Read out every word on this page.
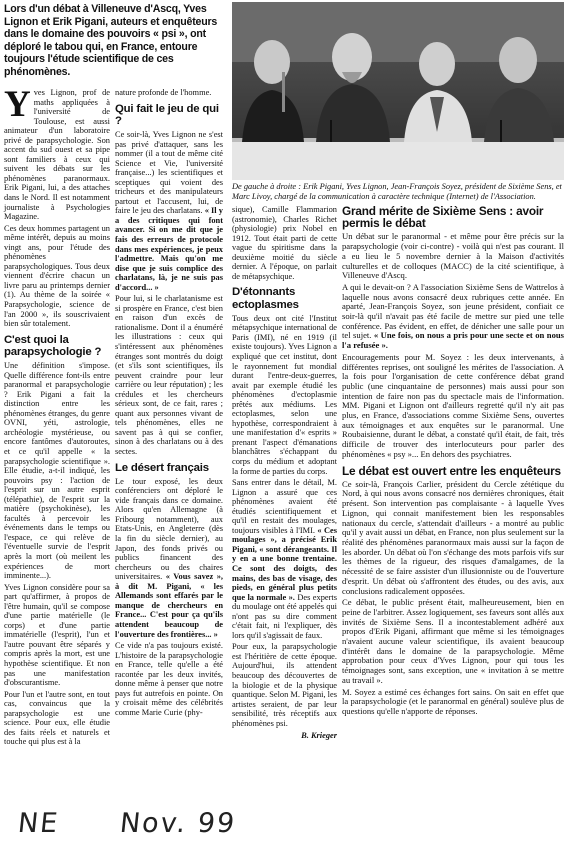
Lors d'un débat à Villeneuve d'Ascq, Yves Lignon et Erik Pigani, auteurs et enquêteurs dans le domaine des pouvoirs « psi », ont déploré le tabou qui, en France, entoure toujours l'étude scientifique de ces phénomènes.
De gauche à droite : Erik Pigani, Yves Lignon, Jean-François Soyez, président de Sixième Sens, et Marc Livoy, chargé de la communication à caractère technique (Internet) de l'Association.

Yves Lignon, prof de maths appliquées à l'université de Toulouse, est aussi animateur d'un laboratoire privé de parapsychologie. Son accent du sud ouest et sa pipe sont familiers à ceux qui suivent les débats sur les phénomènes paranormaux. Erik Pigani, lui, a des attaches dans le Nord. Il est notamment journaliste à Psychologies Magazine.

Ces deux hommes partagent un même intérêt, depuis au moins vingt ans, pour l'étude des phénomènes parapsychologiques. Tous deux viennent d'écrire chacun un livre paru au printemps dernier (1). Au thème de la soirée « Parapsychologie, science de l'an 2000 », ils souscrivaient bien sûr totalement.

C'est quoi la parapsychologie ?

Une définition s'impose. Quelle différence font-ils entre paranormal et parapsychologie ? Erik Pigani a fait la distinction entre les phénomènes étranges, du genre OVNI, yéti, astrologie, archéologie mystérieuse, ou encore fantômes d'autoroutes, et ce qu'il appelle « la parapsychologie scientifique ». Elle étudie, a-t-il indiqué, les pouvoirs psy : l'action de l'esprit sur un autre esprit (télépathie), de l'esprit sur la matière (psychokinèse), les facultés à percevoir les événements dans le temps ou l'espace, ce qui relève de l'éventuelle survie de l'esprit après la mort (où meilent les expériences de mort imminente...).

Yves Lignon considère pour sa part qu'affirmer, à propos de l'être humain, qu'il se compose d'une partie matérielle (le corps) et d'une partie immatérielle (l'esprit), l'un et l'autre pouvant être séparés y compris après la mort, est une hypothèse scientifique. Et non pas une manifestation d'obscurantisme.

Pour l'un et l'autre sont, en tout cas, convaincus que la parapsychologie est une science. Pour eux, elle étudie des faits réels et naturels et touche qui plus est à la

nature profonde de l'homme.

Qui fait le jeu de qui ?

Ce soir-là, Yves Lignon ne s'est pas privé d'attaquer, sans les nommer (il a tout de même cité Science et Vie, l'université française...) les scientifiques et sceptiques qui voient des tricheurs et des manipulateurs partout et l'accusent, lui, de faire le jeu des charlatans. « Il y a des critiques qui font avancer. Si on me dit que je fais des erreurs de protocole dans mes expériences, je peux l'admettre. Mais qu'on me dise que je suis complice des charlatans, là, je ne suis pas d'accord... »

Pour lui, si le charlatanisme est si prospère en France, c'est bien en raison d'un excès de rationalisme. Dont il a énuméré les illustrations : ceux qui s'intéressent aux phénomènes étranges sont montrés du doigt (et s'ils sont scientifiques, ils peuvent craindre pour leur carrière ou leur réputation) ; les crédules et les chercheurs sérieux sont, de ce fait, rares ; quant aux personnes vivant de tels phénomènes, elles ne savent pas à qui se confier, sinon à des charlatans ou à des sectes.

Le désert français

Le tour exposé, les deux conférenciers ont déploré le vide français dans ce domaine. Alors qu'en Allemagne (à Fribourg notamment), aux Etats-Unis, en Angleterre (dès la fin du siècle dernier), au Japon, des fonds privés ou publics financent des chercheurs ou des chaires universitaires. « Vous savez », à dit M. Pigani, « les Allemands sont effarés par le manque de chercheurs en France... C'est pour ça qu'ils attendent beaucoup de l'ouverture des frontières... »

Ce vide n'a pas toujours existé. L'histoire de la parapsychologie en France, telle qu'elle a été racontée par les deux invités, donne même à penser que notre pays fut autrefois en pointe. On y croisait même des célébrités comme Marie Curie (phy-

sique), Camille Flammarion (astronomie), Charles Richet (physiologie) prix Nobel en 1912. Tout était parti de cette vague du spiritisme dans la deuxième moitié du siècle dernier. A l'époque, on parlait de métapsychique.

D'étonnants ectoplasmes

Tous deux ont cité l'Institut métapsychique international de Paris (IMI), né en 1919 (il existe toujours). Yves Lignon a expliqué que cet institut, dont le rayonnement fut mondial durant l'entre-deux-guerres, avait par exemple étudié les phénomènes d'ectoplasmie prêtés aux médiums. Les ectoplasmes, selon une hypothèse, correspondraient à une manifestation d'« esprits » prenant l'aspect d'émanations blanchâtres s'échappant du corps du médium et adoptant la forme de parties du corps.

Sans entrer dans le détail, M. Lignon a assuré que ces phénomènes avaient été étudiés scientifiquement et qu'il en restait des moulages, toujours visibles à l'IMI. « Ces moulages », a précisé Erik Pigani, « sont dérangeants. Il y en a une bonne trentaine. Ce sont des doigts, des mains, des bas de visage, des pieds, en général plus petits que la normale ». Des experts du moulage ont été appelés qui n'ont pas su dire comment c'était fait, ni l'expliquer, dès lors qu'il s'agissait de faux.

Pour eux, la parapsychologie est l'héritière de cette époque. Aujourd'hui, ils attendent beaucoup des découvertes de la biologie et de la physique quantique. Selon M. Pigani, les artistes seraient, de par leur sensibilité, très réceptifs aux phénomènes psi.

B. Krieger
Grand mérite de Sixième Sens : avoir permis le débat

Un débat sur le paranormal - et même pour être précis sur la parapsychologie (voir ci-contre) - voilà qui n'est pas courant. Il a eu lieu le 5 novembre dernier à la Maison d'activités culturelles et de colloques (MACC) de la cité scientifique, à Villeneuve d'Ascq.

A qui le devait-on ? A l'association Sixième Sens de Wattrelos à laquelle nous avons consacré deux rubriques cette année. En aparté, Jean-François Soyez, son jeune président, confiait ce soir-là qu'il n'avait pas été facile de mettre sur pied une telle conférence. Pas évident, en effet, de dénicher une salle pour un tel sujet. « Une fois, on nous a pris pour une secte et on nous l'a refusée ».

Encouragements pour M. Soyez : les deux intervenants, à différentes reprises, ont souligné les mérites de l'association. A la fois pour l'organisation de cette conférence débat grand public (une cinquantaine de personnes) mais aussi pour son intention de faire non pas du spectacle mais de l'information. MM. Pigani et Lignon ont d'ailleurs regretté qu'il n'y ait pas plus, en France, d'associations comme Sixième Sens, ouvertes aux témoignages et aux enquêtes sur le paranormal. Une Roubaisienne, durant le débat, a constaté qu'il était, de fait, très difficile de trouver des interlocuteurs pour parler des phénomènes « psy »... En dehors des psychiatres.

Le débat est ouvert entre les enquêteurs

Ce soir-là, François Carlier, président du Cercle zététique du Nord, à qui nous avons consacré nos dernières chroniques, était présent. Son intervention pas complaisante - à laquelle Yves Lignon, qui connait manifestement bien les responsables nationaux du cercle, s'attendait d'ailleurs - a montré au public qu'il y avait aussi un débat, en France, non plus seulement sur la réalité des phénomènes paranormaux mais aussi sur la façon de les aborder. Un débat où l'on s'échange des mots parfois vifs sur les thèmes de la rigueur, des risques d'amalgames, de la nécessité de se faire assister d'un illusionniste ou de l'ouverture d'esprit. Un débat où s'affrontent des études, ou des avis, aux conclusions radicalement opposées.

Ce débat, le public présent était, malheureusement, bien en peine de l'arbitrer. Assez logiquement, ses faveurs sont allés aux invités de Sixième Sens. Il a incontestablement adhéré aux propos d'Erik Pigani, affirmant que même si les témoignages n'avaient aucune valeur scientifique, ils avaient beaucoup d'intérêt dans le domaine de la parapsychologie. Même approbation pour ceux d'Yves Lignon, pour qui tous les témoignages sont, sans exception, une « invitation à se mettre au travail ».

M. Soyez a estimé ces échanges fort sains. On sait en effet que la parapsychologie (et le paranormal en général) soulève plus de questions qu'elle n'apporte de réponses.

NE Nov. 99
